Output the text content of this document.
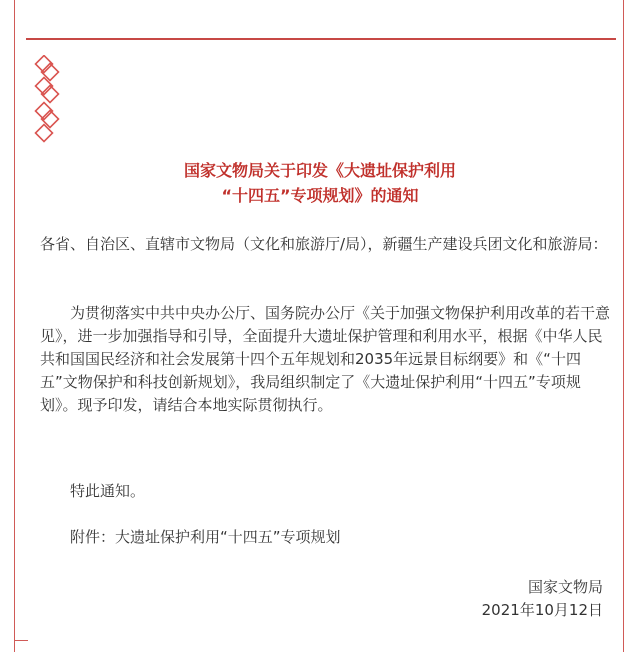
国家文物局关于印发《大遗址保护利用
“十四五”专项规划》的通知

各省、自治区、直辖市文物局（文化和旅游厅/局），新疆生产建设兵团文化和旅游局：

为贯彻落实中共中央办公厅、国务院办公厅《关于加强文物保护利用改革的若干意见》，进一步加强指导和引导，全面提升大遗址保护管理和利用水平，根据《中华人民共和国国民经济和社会发展第十四个五年规划和2035年远景目标纲要》和《“十四五”文物保护和科技创新规划》，我局组织制定了《大遗址保护利用“十四五”专项规划》。现予印发，请结合本地实际贯彻执行。

特此通知。

附件：大遗址保护利用“十四五”专项规划

国家文物局
2021年10月12日
